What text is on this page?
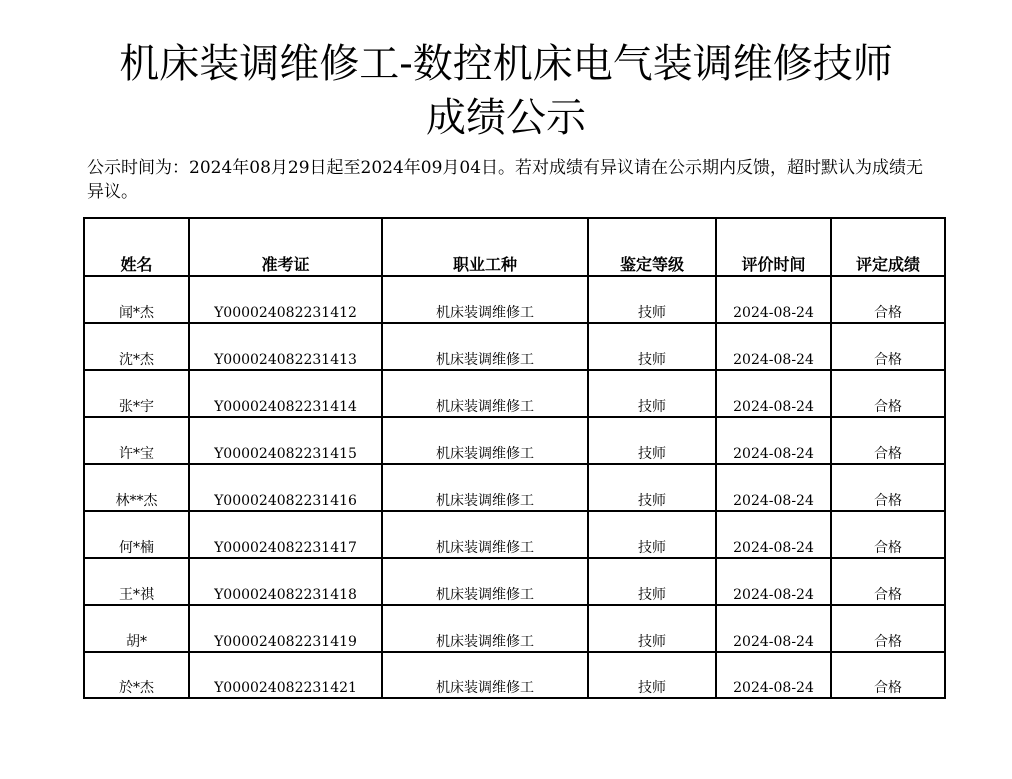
机床装调维修工-数控机床电气装调维修技师
成绩公示
公示时间为：2024年08月29日起至2024年09月04日。若对成绩有异议请在公示期内反馈，超时默认为成绩无异议。
姓名	准考证	职业工种	鉴定等级	评价时间	评定成绩
闻*杰	Y000024082231412	机床装调维修工	技师	2024-08-24	合格
沈*杰	Y000024082231413	机床装调维修工	技师	2024-08-24	合格
张*宇	Y000024082231414	机床装调维修工	技师	2024-08-24	合格
许*宝	Y000024082231415	机床装调维修工	技师	2024-08-24	合格
林**杰	Y000024082231416	机床装调维修工	技师	2024-08-24	合格
何*楠	Y000024082231417	机床装调维修工	技师	2024-08-24	合格
王*祺	Y000024082231418	机床装调维修工	技师	2024-08-24	合格
胡*	Y000024082231419	机床装调维修工	技师	2024-08-24	合格
於*杰	Y000024082231421	机床装调维修工	技师	2024-08-24	合格
